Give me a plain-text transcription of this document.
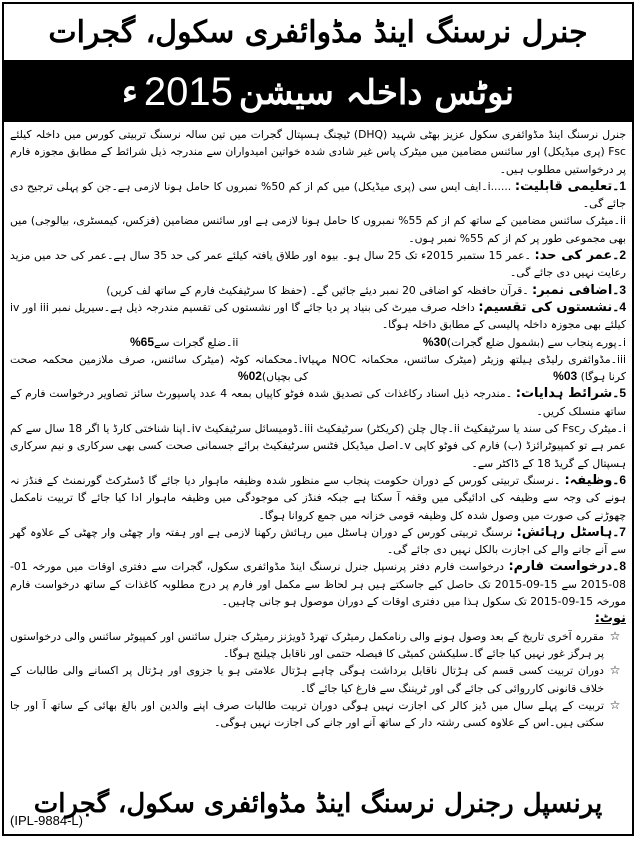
جنرل نرسنگ اینڈ مڈوائفری سکول، گجرات
نوٹس داخلہ سیشن
2015
ء

جنرل نرسنگ اینڈ مڈوائفری سکول عزیز بھٹی شہید (DHQ) ٹیچنگ ہسپتال گجرات میں تین سالہ نرسنگ تربیتی کورس میں داخلہ کیلئے Fsc (پری میڈیکل) اور سائنس مضامین میں میٹرک پاس غیر شادی شدہ خواتین امیدواران سے مندرجہ ذیل شرائط کے مطابق مجوزہ فارم پر درخواستیں مطلوب ہیں۔

1۔تعلیمی قابلیت: ......i۔ایف ایس سی (پری میڈیکل) میں کم از کم 50% نمبروں کا حامل ہونا لازمی ہے۔جن کو پہلی ترجیح دی جائے گی۔

ii۔میٹرک سائنس مضامین کے ساتھ کم از کم 55% نمبروں کا حامل ہونا لازمی ہے اور سائنس مضامین (فزکس، کیمسٹری، بیالوجی) میں بھی مجموعی طور پر کم از کم 55% نمبر ہوں۔

2۔عمر کی حد: ۔عمر 15 ستمبر 2015ء تک 25 سال ہو۔ بیوہ اور طلاق یافتہ کیلئے عمر کی حد 35 سال ہے۔عمر کی حد میں مزید رعایت نہیں دی جائے گی۔

3۔اضافی نمبر: ۔قرآن حافظہ کو اضافی 20 نمبر دیئے جائیں گے۔ (حفظ کا سرٹیفکیٹ فارم کے ساتھ لف کریں)

4۔نشستوں کی تقسیم: داخلہ صرف میرٹ کی بنیاد پر دیا جائے گا اور نشستوں کی تقسیم مندرجہ ذیل ہے۔سیریل نمبر iii اور iv کیلئے بھی مجوزہ داخلہ پالیسی کے مطابق داخلہ ہوگا۔

i۔پورے پنجاب سے (بشمول ضلع گجرات)30%
ii۔ضلع گجرات سے65%
iii۔مڈوائفری رلیڈی ہیلتھ وزیٹر (میٹرک سائنس، محکمانہ NOC مہیا کرنا ہوگا) 03%
iv۔محکمانہ کوٹہ (میٹرک سائنس، صرف ملازمین محکمہ صحت کی بچیاں)02%

5۔شرائط ہدایات: ۔مندرجہ ذیل اسناد رکاغذات کی تصدیق شدہ فوٹو کاپیاں بمعہ 4 عدد پاسپورٹ سائز تصاویر درخواست فارم کے ساتھ منسلک کریں۔

i۔میٹرک رFsc کی سند یا سرٹیفکیٹ ii۔چال چلن (کریکٹر) سرٹیفکیٹ iii۔ڈومیسائل سرٹیفکیٹ iv۔اپنا شناختی کارڈ یا اگر 18 سال سے کم عمر ہے تو کمپیوٹرائزڈ (ب) فارم کی فوٹو کاپی v۔اصل میڈیکل فٹنس سرٹیفکیٹ برائے جسمانی صحت کسی بھی سرکاری و نیم سرکاری ہسپتال کے گریڈ 18 کے ڈاکٹر سے۔

6۔وظیفہ: ۔نرسنگ تربیتی کورس کے دوران حکومت پنجاب سے منظور شدہ وظیفہ ماہوار دیا جائے گا ڈسٹرکٹ گورنمنٹ کے فنڈز نہ ہونے کی وجہ سے وظیفہ کی ادائیگی میں وقفہ آ سکتا ہے جبکہ فنڈز کی موجودگی میں وظیفہ ماہوار ادا کیا جائے گا تربیت نامکمل چھوڑنے کی صورت میں وصول شدہ کل وظیفہ قومی خزانہ میں جمع کروانا ہوگا۔

7۔ہاسٹل رہائش: نرسنگ تربیتی کورس کے دوران ہاسٹل میں رہائش رکھنا لازمی ہے اور ہفتہ وار چھٹی وار چھٹی کے علاوہ گھر سے آنے جانے والے کی اجازت بالکل نہیں دی جائے گی۔

8۔درخواست فارم: درخواست فارم دفتر پرنسپل جنرل نرسنگ اینڈ مڈوائفری سکول، گجرات سے دفتری اوقات میں مورخہ 01-08-2015 سے 15-09-2015 تک حاصل کیے جاسکتے ہیں ہر لحاظ سے مکمل اور فارم پر درج مطلوبہ کاغذات کے ساتھ درخواست فارم مورخہ 15-09-2015 تک سکول ہذا میں دفتری اوقات کے دوران موصول ہو جانی چاہیں۔

نوٹ:
☆
مقررہ آخری تاریخ کے بعد وصول ہونے والی رنامکمل رمیٹرک تھرڈ ڈویژنز رمیٹرک جنرل سائنس اور کمپیوٹر سائنس والی درخواستوں پر ہرگز غور نہیں کیا جائے گا۔سلیکشن کمیٹی کا فیصلہ حتمی اور ناقابل چیلنج ہوگا۔
☆
دوران تربیت کسی قسم کی ہڑتال ناقابل برداشت ہوگی چاہے ہڑتال علامتی ہو یا جزوی اور ہڑتال پر اکسانے والی طالبات کے خلاف قانونی کارروائی کی جائے گی اور ٹریننگ سے فارغ کیا جائے گا۔
☆
تربیت کے پہلے سال میں ڈیز کالر کی اجازت نہیں ہوگی دوران تربیت طالبات صرف اپنے والدین اور بالغ بھائی کے ساتھ آ اور جا سکتی ہیں۔اس کے علاوہ کسی رشتہ دار کے ساتھ آنے اور جانے کی اجازت نہیں ہوگی۔
پرنسپل رجنرل نرسنگ اینڈ مڈوائفری سکول، گجرات
(IPL-9884-L)
